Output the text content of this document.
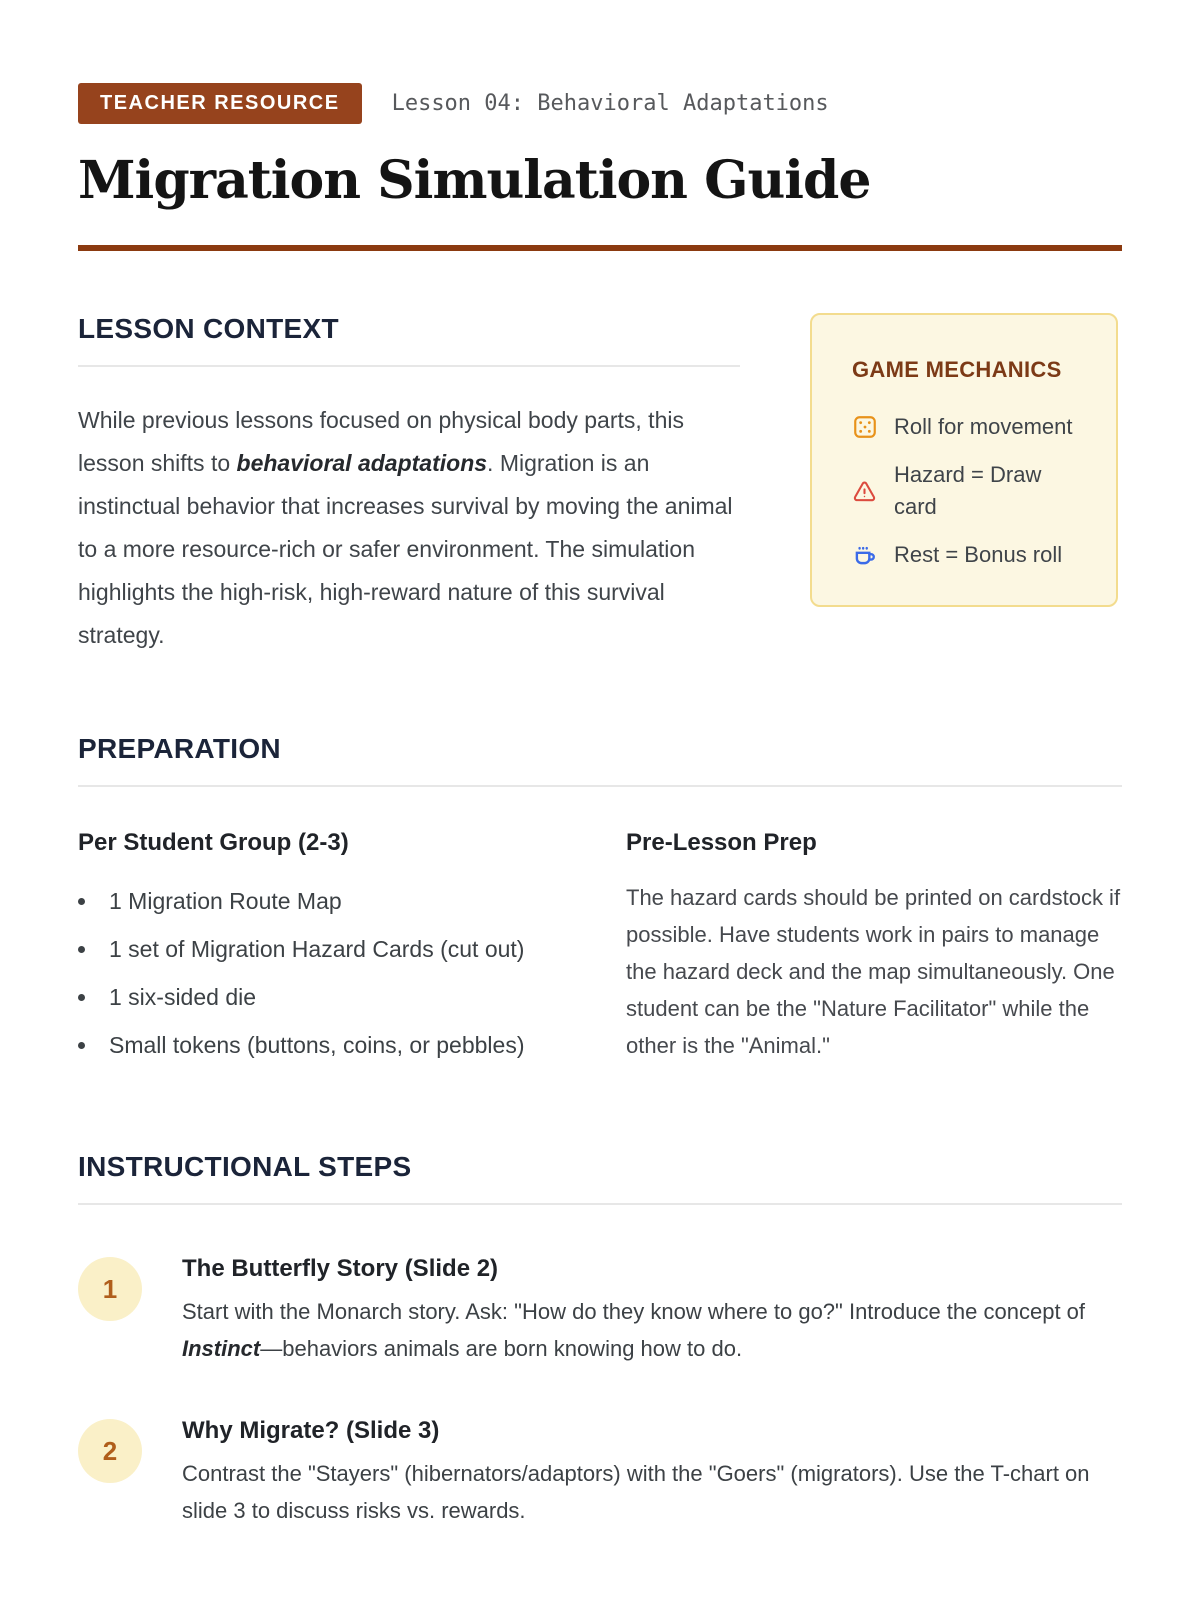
TEACHER RESOURCE	Lesson 04: Behavioral Adaptations
Migration Simulation Guide
LESSON CONTEXT

While previous lessons focused on physical body parts, this lesson shifts to behavioral adaptations. Migration is an instinctual behavior that increases survival by moving the animal to a more resource-rich or safer environment. The simulation highlights the high-risk, high-reward nature of this survival strategy.

GAME MECHANICS
Roll for movement
Hazard = Draw card
Rest = Bonus roll
PREPARATION
Per Student Group (2-3)
• 1 Migration Route Map
• 1 set of Migration Hazard Cards (cut out)
• 1 six-sided die
• Small tokens (buttons, coins, or pebbles)
Pre-Lesson Prep

The hazard cards should be printed on cardstock if possible. Have students work in pairs to manage the hazard deck and the map simultaneously. One student can be the "Nature Facilitator" while the other is the "Animal."

INSTRUCTIONAL STEPS
1
The Butterfly Story (Slide 2)
Start with the Monarch story. Ask: "How do they know where to go?" Introduce the concept of Instinct—behaviors animals are born knowing how to do.
2
Why Migrate? (Slide 3)
Contrast the "Stayers" (hibernators/adaptors) with the "Goers" (migrators). Use the T-chart on slide 3 to discuss risks vs. rewards.
